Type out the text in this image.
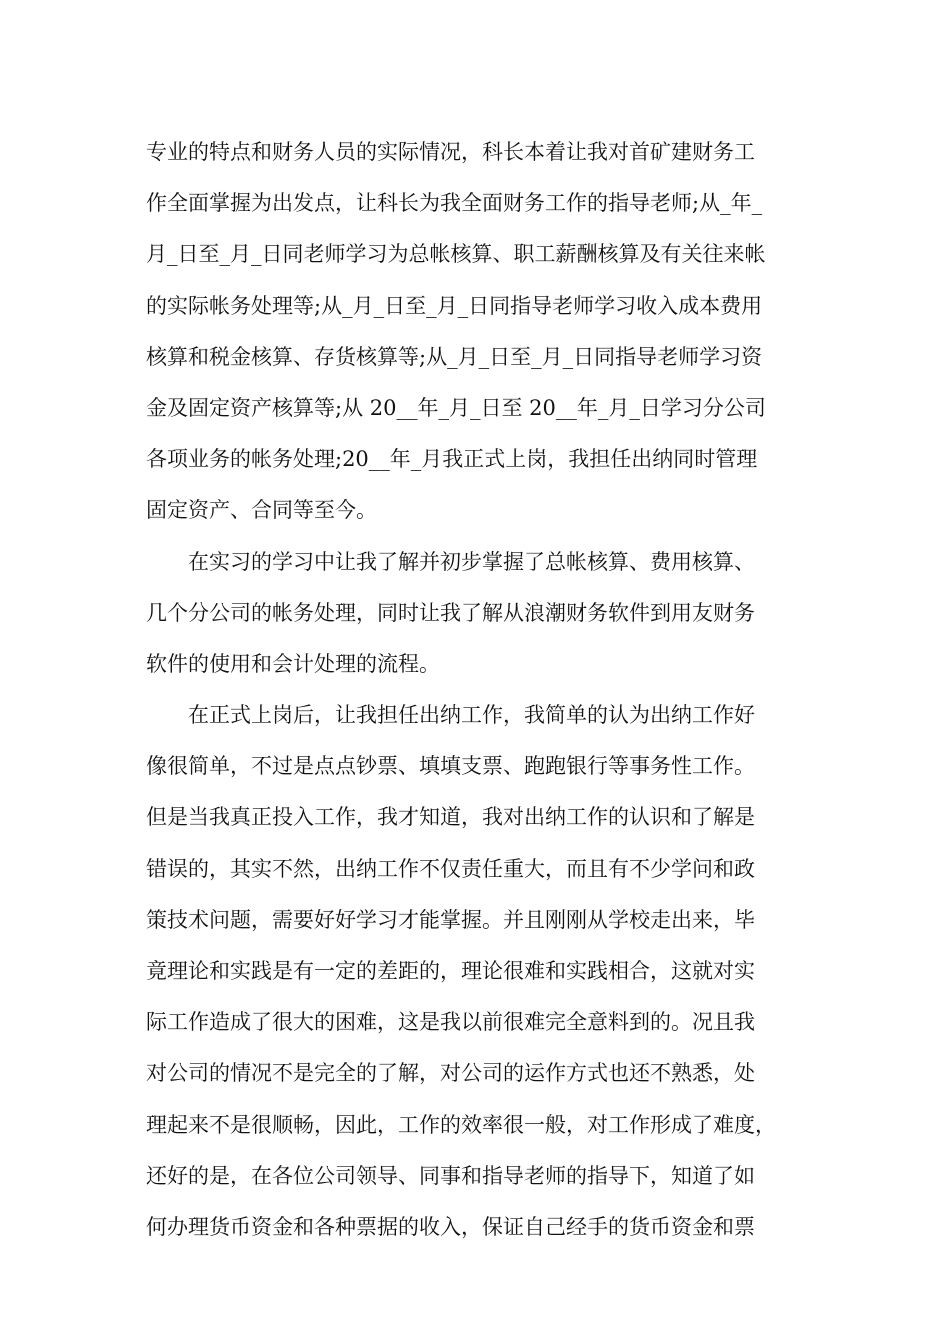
专业的特点和财务人员的实际情况，科长本着让我对首矿建财务工
作全面掌握为出发点，让科长为我全面财务工作的指导老师;从_年_
月_日至_月_日同老师学习为总帐核算、职工薪酬核算及有关往来帐
的实际帐务处理等;从_月_日至_月_日同指导老师学习收入成本费用
核算和税金核算、存货核算等;从_月_日至_月_日同指导老师学习资
金及固定资产核算等;从 20__年_月_日至 20__年_月_日学习分公司
各项业务的帐务处理;20__年_月我正式上岗，我担任出纳同时管理
固定资产、合同等至今。
　　在实习的学习中让我了解并初步掌握了总帐核算、费用核算、
几个分公司的帐务处理，同时让我了解从浪潮财务软件到用友财务
软件的使用和会计处理的流程。
　　在正式上岗后，让我担任出纳工作，我简单的认为出纳工作好
像很简单，不过是点点钞票、填填支票、跑跑银行等事务性工作。
但是当我真正投入工作，我才知道，我对出纳工作的认识和了解是
错误的，其实不然，出纳工作不仅责任重大，而且有不少学问和政
策技术问题，需要好好学习才能掌握。并且刚刚从学校走出来，毕
竟理论和实践是有一定的差距的，理论很难和实践相合，这就对实
际工作造成了很大的困难，这是我以前很难完全意料到的。况且我
对公司的情况不是完全的了解，对公司的运作方式也还不熟悉，处
理起来不是很顺畅，因此，工作的效率很一般，对工作形成了难度，
还好的是，在各位公司领导、同事和指导老师的指导下，知道了如
何办理货币资金和各种票据的收入，保证自己经手的货币资金和票
